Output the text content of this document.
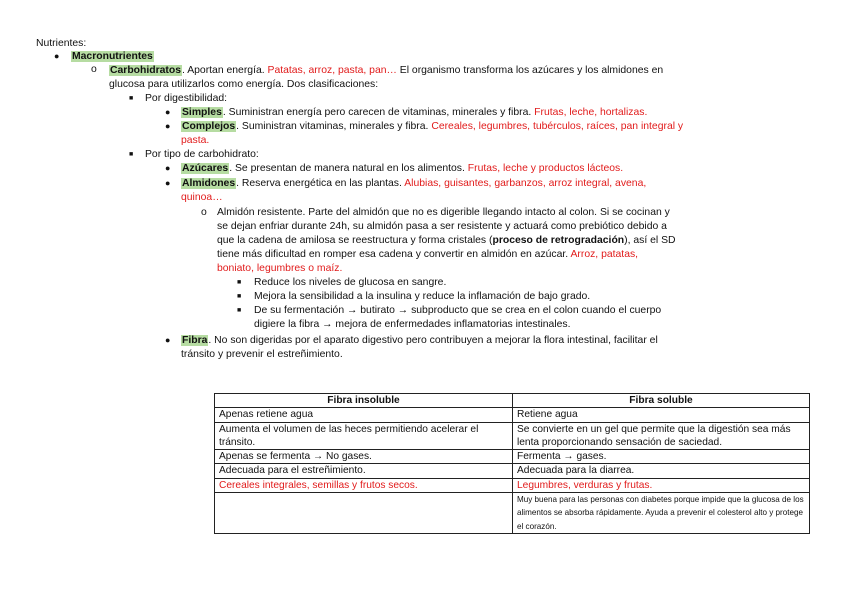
Nutrientes:
● Macronutrientes
o Carbohidratos. Aportan energía. Patatas, arroz, pasta, pan… El organismo transforma los azúcares y los almidones en
glucosa para utilizarlos como energía. Dos clasificaciones:
■ Por digestibilidad:
● Simples. Suministran energía pero carecen de vitaminas, minerales y fibra. Frutas, leche, hortalizas.
● Complejos. Suministran vitaminas, minerales y fibra. Cereales, legumbres, tubérculos, raíces, pan integral y
pasta.
■ Por tipo de carbohidrato:
● Azúcares. Se presentan de manera natural en los alimentos. Frutas, leche y productos lácteos.
● Almidones. Reserva energética en las plantas. Alubias, guisantes, garbanzos, arroz integral, avena,
quinoa…
o Almidón resistente. Parte del almidón que no es digerible llegando intacto al colon. Si se cocinan y
se dejan enfriar durante 24h, su almidón pasa a ser resistente y actuará como prebiótico debido a
que la cadena de amilosa se reestructura y forma cristales (proceso de retrogradación), así el SD
tiene más dificultad en romper esa cadena y convertir en almidón en azúcar. Arroz, patatas,
boniato, legumbres o maíz.
■ Reduce los niveles de glucosa en sangre.
■ Mejora la sensibilidad a la insulina y reduce la inflamación de bajo grado.
■ De su fermentación → butirato → subproducto que se crea en el colon cuando el cuerpo
digiere la fibra → mejora de enfermedades inflamatorias intestinales.
● Fibra. No son digeridas por el aparato digestivo pero contribuyen a mejorar la flora intestinal, facilitar el
tránsito y prevenir el estreñimiento.
Fibra insoluble	Fibra soluble
Apenas retiene agua	Retiene agua
Aumenta el volumen de las heces permitiendo acelerar el tránsito.	Se convierte en un gel que permite que la digestión sea más lenta proporcionando sensación de saciedad.
Apenas se fermenta → No gases.	Fermenta → gases.
Adecuada para el estreñimiento.	Adecuada para la diarrea.
Cereales integrales, semillas y frutos secos.	Legumbres, verduras y frutas.
	Muy buena para las personas con diabetes porque impide que la glucosa de los alimentos se absorba rápidamente. Ayuda a prevenir el colesterol alto y protege el corazón.
